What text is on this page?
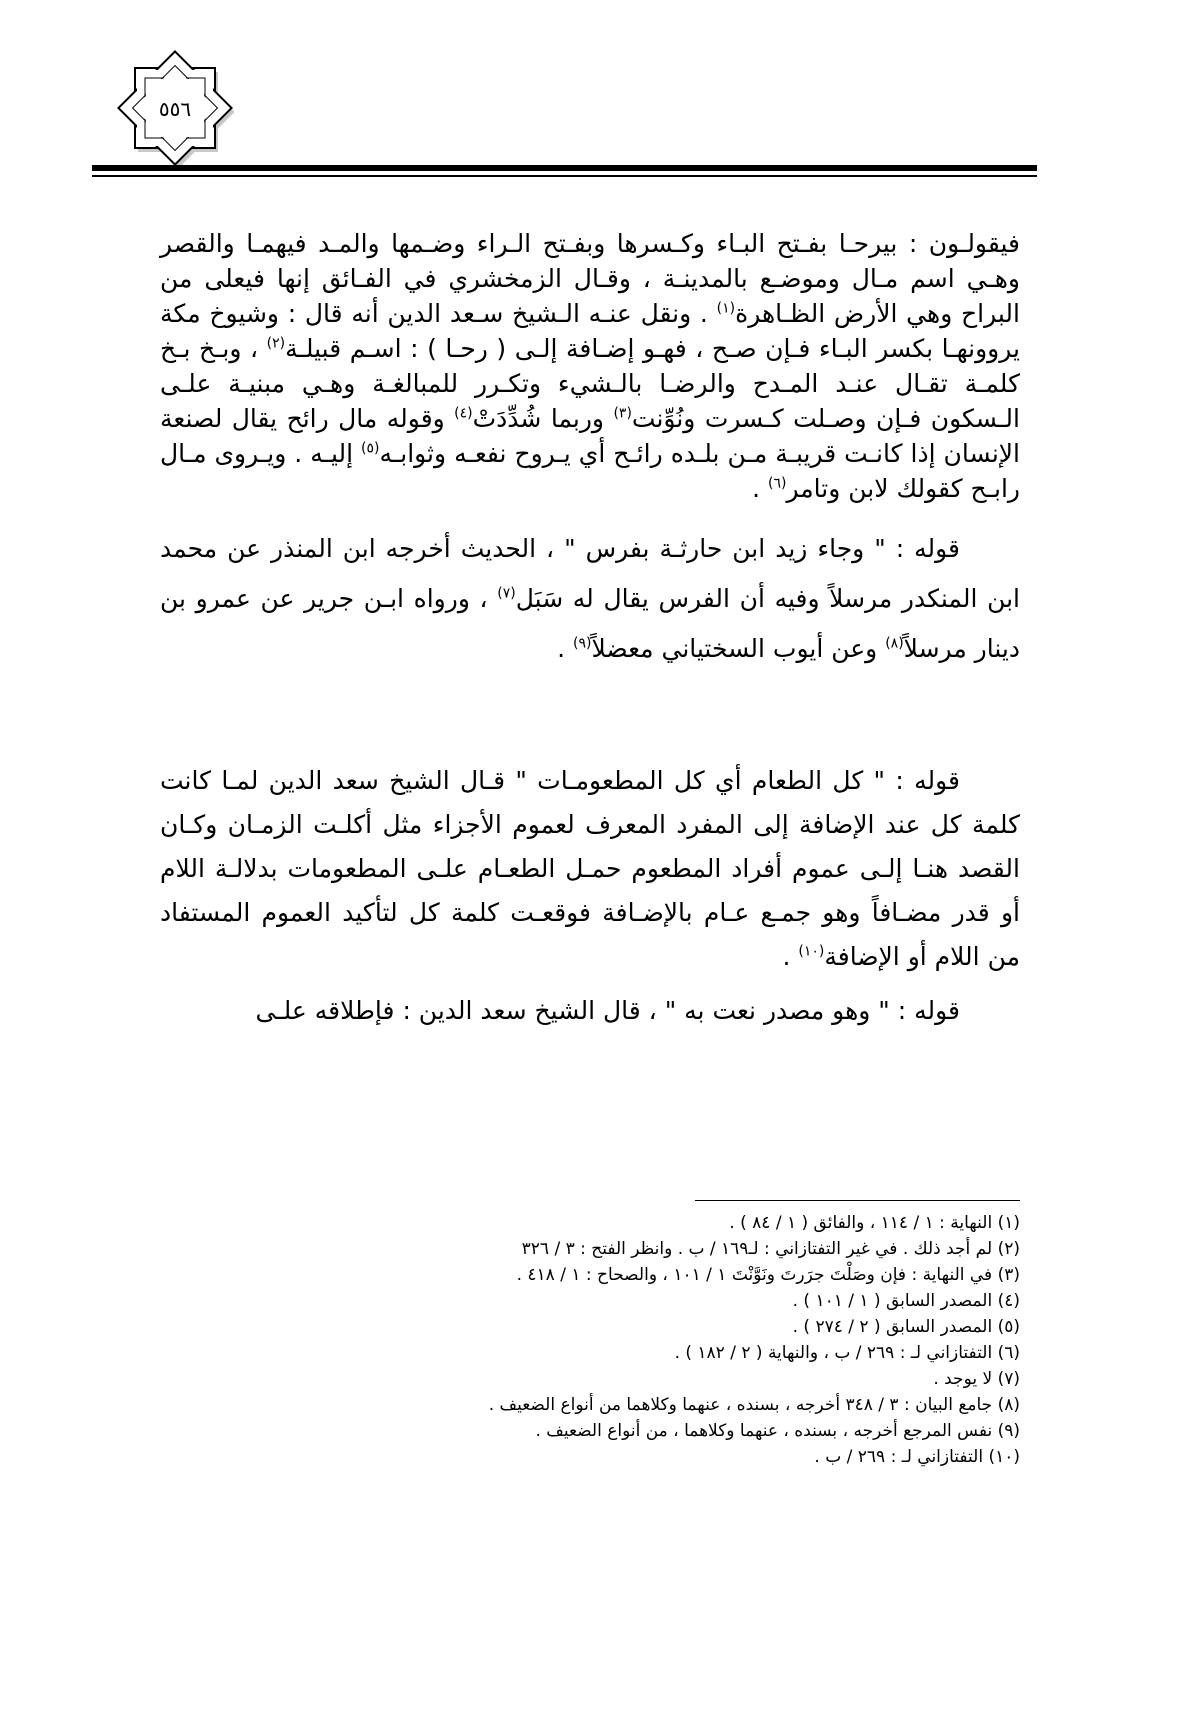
٥٥٦

فيقولـون : بيرحـا بفـتح البـاء وكـسرها وبفـتح الـراء وضـمها والمـد فيهمـا والقصر وهـي اسم مـال وموضـع بالمدينـة ، وقـال الزمخشري في الفـائق إنها فيعلى من البراح وهي الأرض الظـاهرة$^{(١)}$ . ونقل عنـه الـشيخ سـعد الدين أنه قال : وشيوخ مكة يروونهـا بكسر البـاء فـإن صـح ، فهـو إضـافة إلـى ( رحـا ) : اسـم قبيلـة$^{(٢)}$ ، وبـخ بـخ كلمـة تقـال عنـد المـدح والرضـا بالـشيء وتكـرر للمبالغـة وهـي مبنيـة علـى الـسكون فـإن وصـلت كـسرت ونُوِّنت$^{(٣)}$ وربما شُدِّدَتْ$^{(٤)}$ وقوله مال رائح يقال لصنعة الإنسان إذا كانـت قريبـة مـن بلـده رائـح أي يـروح نفعـه وثوابـه$^{(٥)}$ إليـه . ويـروى مـال رابـح كقولك لابن وتامر$^{(٦)}$ .

قوله : " وجاء زيد ابن حارثـة بفرس " ، الحديث أخرجه ابن المنذر عن محمد ابن المنكدر مرسلاً وفيه أن الفرس يقال له سَبَل$^{(٧)}$ ، ورواه ابـن جرير عن عمرو بن دينار مرسلاً$^{(٨)}$ وعن أيوب السختياني معضلاً$^{(٩)}$ .

قوله : " كل الطعام أي كل المطعومـات " قـال الشيخ سعد الدين لمـا كانت كلمة كل عند الإضافة إلى المفرد المعرف لعموم الأجزاء مثل أكلـت الزمـان وكـان القصد هنـا إلـى عموم أفراد المطعوم حمـل الطعـام علـى المطعومات بدلالـة اللام أو قدر مضـافاً وهو جمـع عـام بالإضـافة فوقعـت كلمة كل لتأكيد العموم المستفاد من اللام أو الإضافة$^{(١٠)}$ .

قوله : " وهو مصدر نعت به " ، قال الشيخ سعد الدين : فإطلاقه علـى

(١) النهاية : ١ / ١١٤ ، والفائق ( ١ / ٨٤ ) .

(٢) لم أجد ذلك . في غير التفتازاني : لـ١٦٩ / ب . وانظر الفتح : ٣ / ٣٢٦

(٣) في النهاية : فإن وصَلْتَ جرَرتَ ونَوَّنْتَ ١ / ١٠١ ، والصحاح : ١ / ٤١٨ .

(٤) المصدر السابق ( ١ / ١٠١ ) .

(٥) المصدر السابق ( ٢ / ٢٧٤ ) .

(٦) التفتازاني لـ : ٢٦٩ / ب ، والنهاية ( ٢ / ١٨٢ ) .

(٧) لا يوجد .

(٨) جامع البيان : ٣ / ٣٤٨ أخرجه ، بسنده ، عنهما وكلاهما من أنواع الضعيف .

(٩) نفس المرجع أخرجه ، بسنده ، عنهما وكلاهما ، من أنواع الضعيف .

(١٠) التفتازاني لـ : ٢٦٩ / ب .
